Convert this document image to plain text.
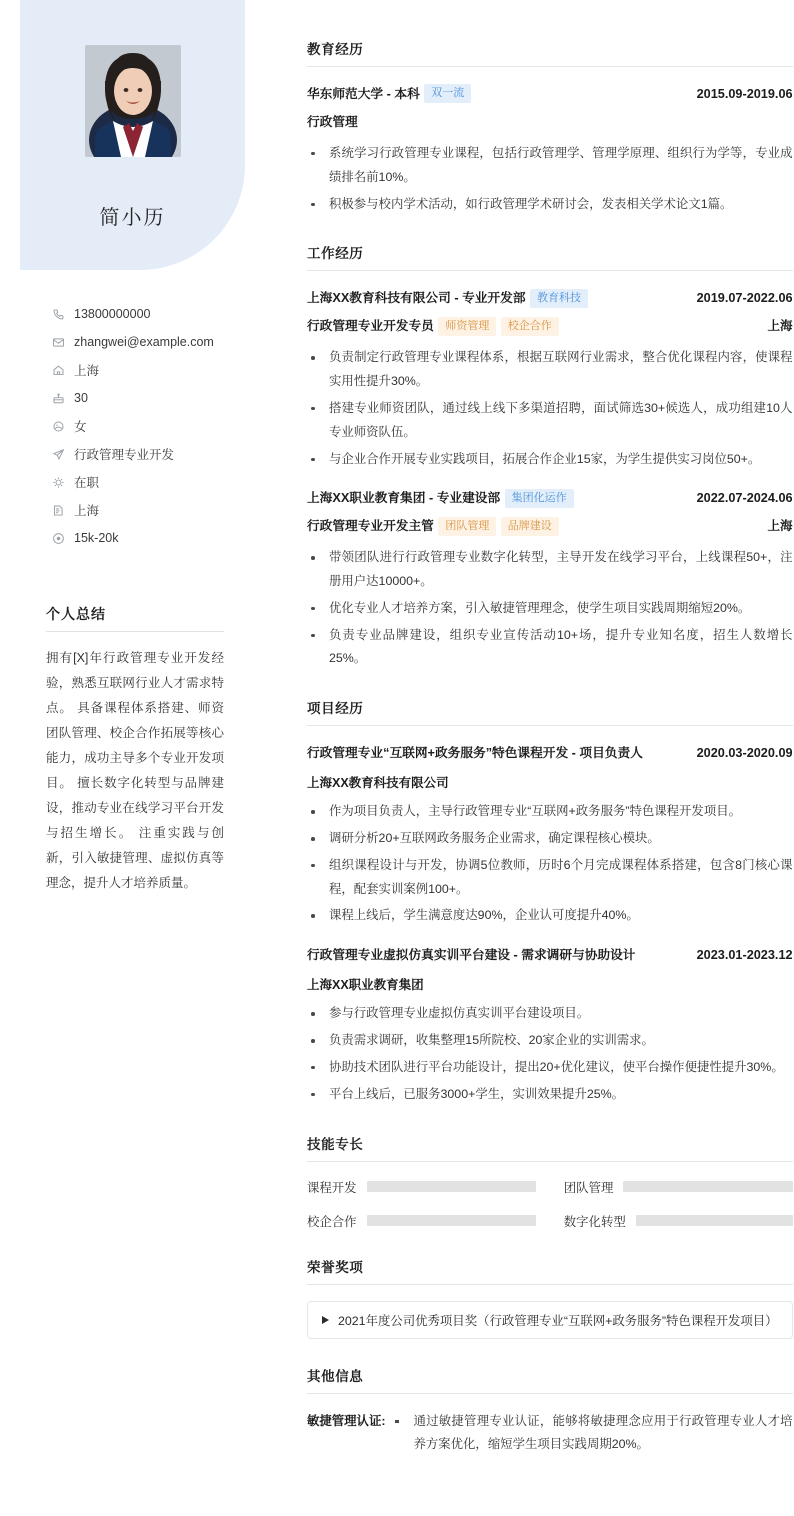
简小历
13800000000
zhangwei@example.com
上海
30
女
行政管理专业开发
在职
上海
15k-20k
个人总结
拥有[X]年行政管理专业开发经验，熟悉互联网行业人才需求特点。 具备课程体系搭建、师资团队管理、校企合作拓展等核心能力，成功主导多个专业开发项目。 擅长数字化转型与品牌建设，推动专业在线学习平台开发与招生增长。 注重实践与创新，引入敏捷管理、虚拟仿真等理念，提升人才培养质量。
教育经历
华东师范大学 - 本科 双一流	2015.09-2019.06
行政管理
系统学习行政管理专业课程，包括行政管理学、管理学原理、组织行为学等，专业成绩排名前10%。
积极参与校内学术活动，如行政管理学术研讨会，发表相关学术论文1篇。
工作经历
上海XX教育科技有限公司 - 专业开发部 教育科技	2019.07-2022.06
行政管理专业开发专员 师资管理 校企合作	上海
负责制定行政管理专业课程体系，根据互联网行业需求，整合优化课程内容，使课程实用性提升30%。
搭建专业师资团队，通过线上线下多渠道招聘，面试筛选30+候选人，成功组建10人专业师资队伍。
与企业合作开展专业实践项目，拓展合作企业15家，为学生提供实习岗位50+。
上海XX职业教育集团 - 专业建设部 集团化运作	2022.07-2024.06
行政管理专业开发主管 团队管理 品牌建设	上海
带领团队进行行政管理专业数字化转型，主导开发在线学习平台，上线课程50+，注册用户达10000+。
优化专业人才培养方案，引入敏捷管理理念，使学生项目实践周期缩短20%。
负责专业品牌建设，组织专业宣传活动10+场，提升专业知名度，招生人数增长25%。
项目经历
行政管理专业“互联网+政务服务”特色课程开发 - 项目负责人	2020.03-2020.09
上海XX教育科技有限公司
作为项目负责人，主导行政管理专业“互联网+政务服务”特色课程开发项目。
调研分析20+互联网政务服务企业需求，确定课程核心模块。
组织课程设计与开发，协调5位教师，历时6个月完成课程体系搭建，包含8门核心课程，配套实训案例100+。
课程上线后，学生满意度达90%，企业认可度提升40%。
行政管理专业虚拟仿真实训平台建设 - 需求调研与协助设计	2023.01-2023.12
上海XX职业教育集团
参与行政管理专业虚拟仿真实训平台建设项目。
负责需求调研，收集整理15所院校、20家企业的实训需求。
协助技术团队进行平台功能设计，提出20+优化建议，使平台操作便捷性提升30%。
平台上线后，已服务3000+学生，实训效果提升25%。
技能专长
课程开发	团队管理
校企合作	数字化转型
荣誉奖项
2021年度公司优秀项目奖（行政管理专业“互联网+政务服务”特色课程开发项目）
其他信息
敏捷管理认证:	通过敏捷管理专业认证，能够将敏捷理念应用于行政管理专业人才培养方案优化，缩短学生项目实践周期20%。
